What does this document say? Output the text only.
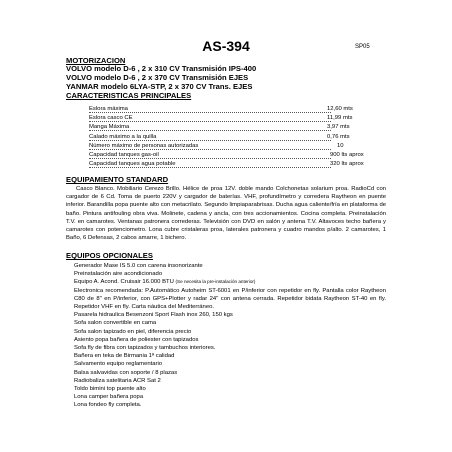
AS-394	SP05
MOTORIZACION
VOLVO modelo D-6 , 2 x 310 CV Transmisión IPS-400
VOLVO modelo D-6 , 2 x 370 CV Transmisión EJES
YANMAR modelo 6LYA-STP, 2 x 370 CV Trans. EJES
CARACTERISTICAS PRINCIPALES
Eslora máxima	12,60 mts
Eslora casco CE	11,99 mts
Manga Máxima	3,97 mts
Calado máximo a la quilla	0,76 mts
Número máximo de personas autorizadas	10
Capacidad tanques gas-oil	900 lts aprox
Capacidad tanques agua potable	320 lts aprox
EQUIPAMIENTO STANDARD
Casco Blanco. Mobiliario Cerezo Brillo. Hélice de proa 12V. doble mando Colchonetas solarium proa. RadioCd con cargador de 6 Cd. Toma de puerto 220V y cargador de baterías. VHF, profundímetro y corredera Raytheon en puente inferior. Barandilla popa puente alto con metacrilato. Segundo limpiaparabrisas. Ducha agua caliente/fría en plataforma de baño. Pintura antifouling obra viva. Molinete, cadena y ancla, con tres accionamientos. Cocina completa. Preinstalación T.V. en camarotes. Ventanas patronera correderas. Televisión con DVD en salón y antena T.V. Altavoces techo bañera y camarotes con potenciometro. Lona cubre cristaleras proa, laterales patronera y cuadro mandos p/alto. 2 camarotes, 1 Baño, 6 Defensas, 2 cabos amarre, 1 bichero.
EQUIPOS OPCIONALES
Generador Mase IS 5.0 con carena insonorizante
Preinstalación aire acondicionado
Equipo A. Acond. Cruisair 16.000 BTU (Se necesita la pre-instalación anterior)
Electronica recomendada: P.Automático Autoheim ST-6001 en P/inferior con repetidor en fly. Pantalla color Raytheon C80 de 8" en P/inferior, con GPS+Plotter y radar 24" con antena cerrada. Repetidor bidata Raytheon ST-40 en fly. Repetidor VHF en fly. Carta náutica del Mediterráneo.
Pasarela hidraulica Besenzoni Sport Flash inox 260, 150 kgs
Sofa salon convertible en cama
Sofa salon tapizado en piel, diferencia precio
Asiento popa bañera de poliester con tapizados
Sofa fly de fibra con tapizados y tambuchos interiores.
Bañera en teka de Birmania 1ª calidad
Salvamento equipo reglamentario
Balsa salvavidas con soporte / 8 plazas
Radiobaliza satelitaria ACR Sat 2
Toldo bimini top puente alto
Lona camper bañera popa
Lona fondeo fly completa.
